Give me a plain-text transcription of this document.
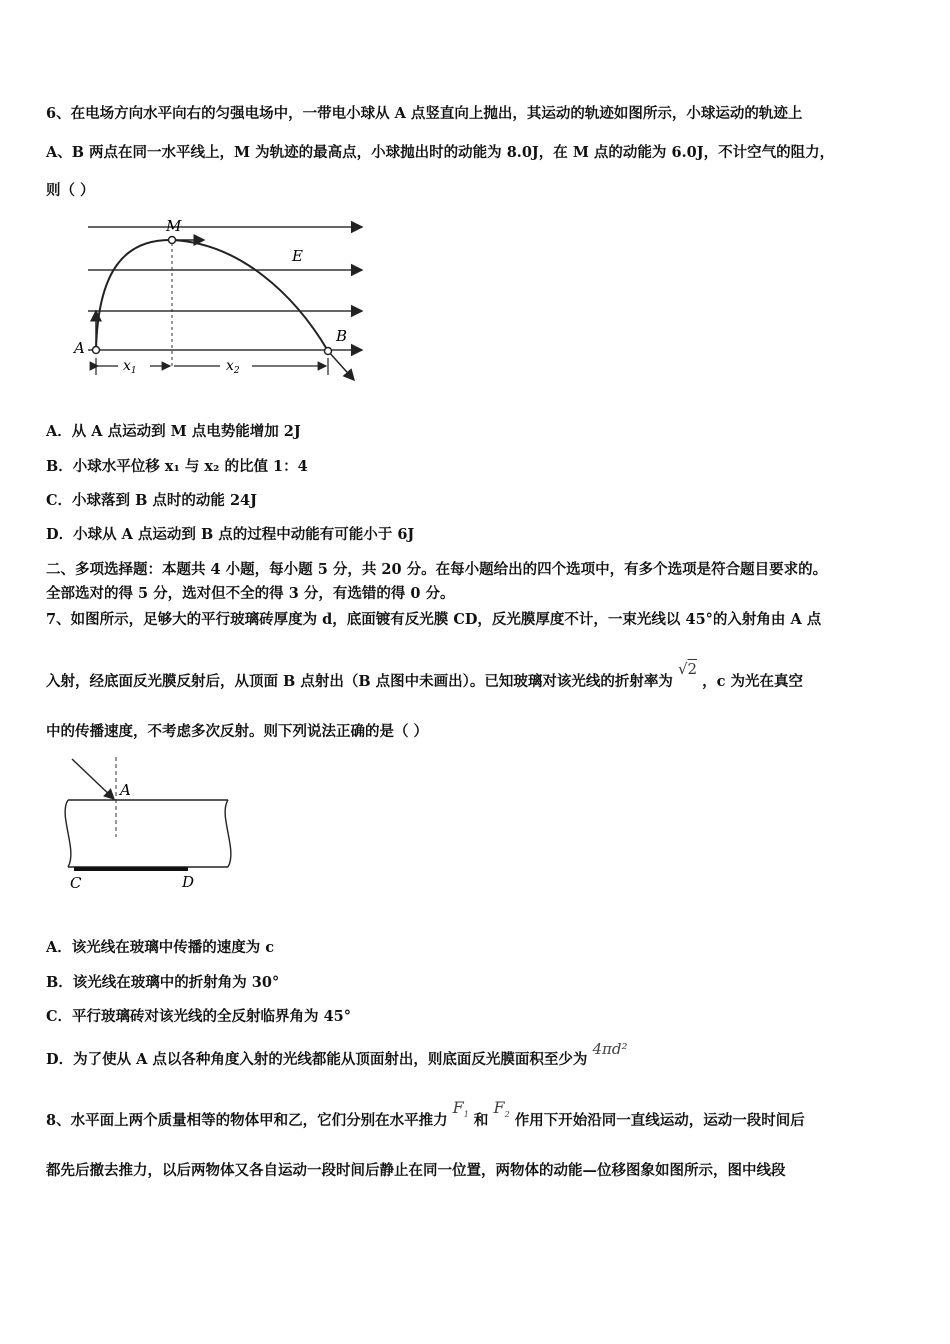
6、在电场方向水平向右的匀强电场中，一带电小球从 A 点竖直向上抛出，其运动的轨迹如图所示，小球运动的轨迹上
A、B 两点在同一水平线上，M 为轨迹的最高点，小球抛出时的动能为 8.0J，在 M 点的动能为 6.0J，不计空气的阻力，
则（ ）
M
E
A
B
$x_1$	$x_2$
A．从 A 点运动到 M 点电势能增加 2J
B．小球水平位移 x₁ 与 x₂ 的比值 1：4
C．小球落到 B 点时的动能 24J
D．小球从 A 点运动到 B 点的过程中动能有可能小于 6J
二、多项选择题：本题共 4 小题，每小题 5 分，共 20 分。在每小题给出的四个选项中，有多个选项是符合题目要求的。
全部选对的得 5 分，选对但不全的得 3 分，有选错的得 0 分。
7、如图所示，足够大的平行玻璃砖厚度为 d，底面镀有反光膜 CD，反光膜厚度不计，一束光线以 45°的入射角由 A 点
入射，经底面反光膜反射后，从顶面 B 点射出（B 点图中未画出）。已知玻璃对该光线的折射率为 √2 ，c 为光在真空
中的传播速度，不考虑多次反射。则下列说法正确的是（ ）
A
C	D
A．该光线在玻璃中传播的速度为 c
B．该光线在玻璃中的折射角为 30°
C．平行玻璃砖对该光线的全反射临界角为 45°
D．为了使从 A 点以各种角度入射的光线都能从顶面射出，则底面反光膜面积至少为 4πd²
8、水平面上两个质量相等的物体甲和乙，它们分别在水平推力 $F_1$ 和 $F_2$ 作用下开始沿同一直线运动，运动一段时间后
都先后撤去推力，以后两物体又各自运动一段时间后静止在同一位置，两物体的动能—位移图象如图所示，图中线段
